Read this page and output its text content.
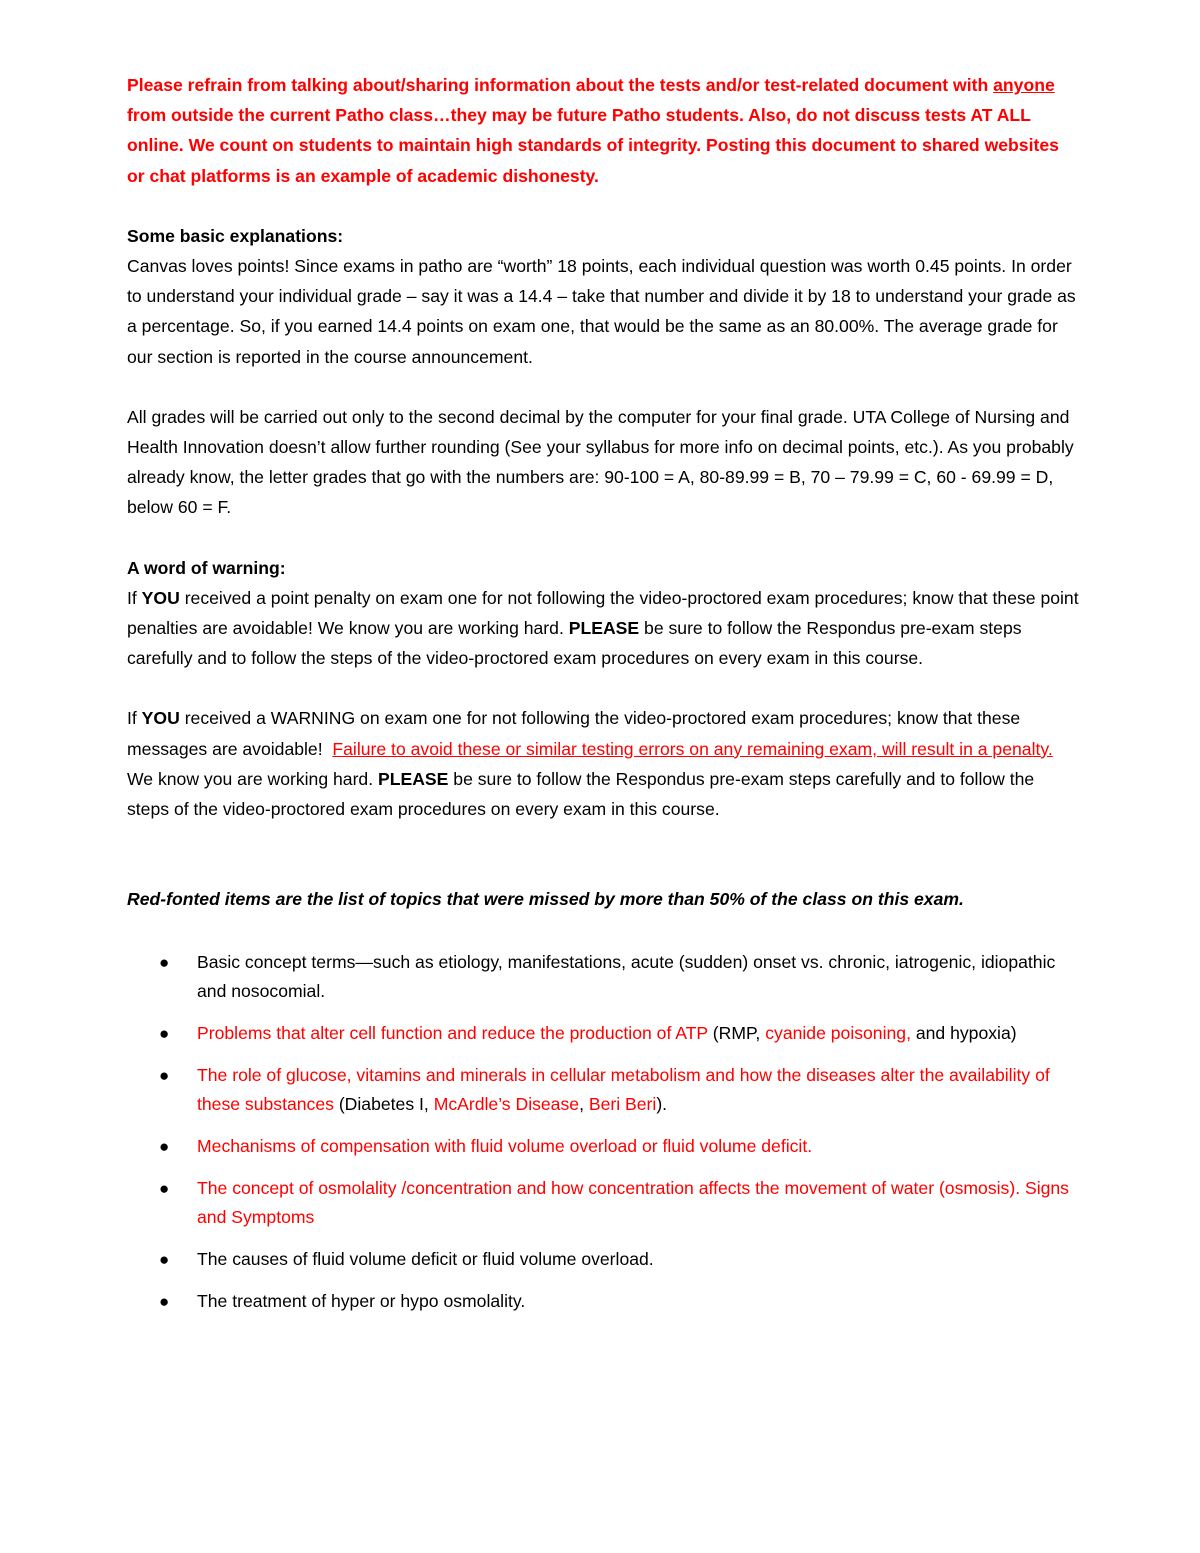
Please refrain from talking about/sharing information about the tests and/or test-related document with anyone from outside the current Patho class…they may be future Patho students. Also, do not discuss tests AT ALL online. We count on students to maintain high standards of integrity. Posting this document to shared websites or chat platforms is an example of academic dishonesty.

Some basic explanations:

Canvas loves points! Since exams in patho are “worth” 18 points, each individual question was worth 0.45 points. In order to understand your individual grade – say it was a 14.4 – take that number and divide it by 18 to understand your grade as a percentage. So, if you earned 14.4 points on exam one, that would be the same as an 80.00%. The average grade for our section is reported in the course announcement.

All grades will be carried out only to the second decimal by the computer for your final grade. UTA College of Nursing and Health Innovation doesn’t allow further rounding (See your syllabus for more info on decimal points, etc.). As you probably already know, the letter grades that go with the numbers are: 90-100 = A, 80-89.99 = B, 70 – 79.99 = C, 60 - 69.99 = D, below 60 = F.

A word of warning:

If YOU received a point penalty on exam one for not following the video-proctored exam procedures; know that these point penalties are avoidable! We know you are working hard. PLEASE be sure to follow the Respondus pre-exam steps carefully and to follow the steps of the video-proctored exam procedures on every exam in this course.

If YOU received a WARNING on exam one for not following the video-proctored exam procedures; know that these messages are avoidable! Failure to avoid these or similar testing errors on any remaining exam, will result in a penalty. We know you are working hard. PLEASE be sure to follow the Respondus pre-exam steps carefully and to follow the steps of the video-proctored exam procedures on every exam in this course.

Red-fonted items are the list of topics that were missed by more than 50% of the class on this exam.

● Basic concept terms—such as etiology, manifestations, acute (sudden) onset vs. chronic, iatrogenic, idiopathic and nosocomial.
● Problems that alter cell function and reduce the production of ATP (RMP, cyanide poisoning, and hypoxia)
● The role of glucose, vitamins and minerals in cellular metabolism and how the diseases alter the availability of these substances (Diabetes I, McArdle’s Disease, Beri Beri).
● Mechanisms of compensation with fluid volume overload or fluid volume deficit.
● The concept of osmolality /concentration and how concentration affects the movement of water (osmosis). Signs and Symptoms
● The causes of fluid volume deficit or fluid volume overload.
● The treatment of hyper or hypo osmolality.
